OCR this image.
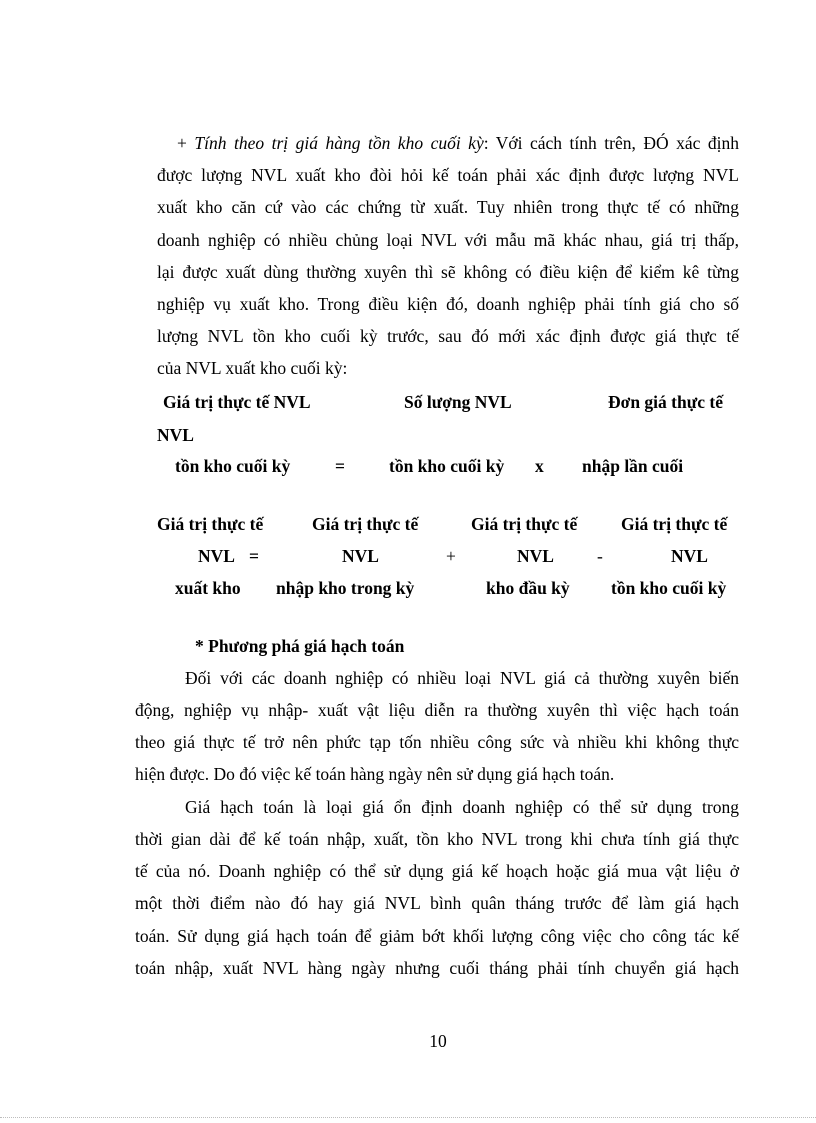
+ Tính theo trị giá hàng tồn kho cuối kỳ: Với cách tính trên, ĐÓ xác định
được lượng NVL xuất kho đòi hỏi kế toán phải xác định được lượng NVL
xuất kho căn cứ vào các chứng từ xuất. Tuy nhiên trong thực tế có những
doanh nghiệp có nhiều chủng loại NVL với mẫu mã khác nhau, giá trị thấp,
lại được xuất dùng thường xuyên thì sẽ không có điều kiện để kiểm kê từng
nghiệp vụ xuất kho. Trong điều kiện đó, doanh nghiệp phải tính giá cho số
lượng NVL tồn kho cuối kỳ trước, sau đó mới xác định được giá thực tế
của NVL xuất kho cuối kỳ:
Giá trị thực tế NVL	Số lượng NVL	Đơn giá thực tế
NVL
tồn kho cuối kỳ	=	tồn kho cuối kỳ x nhập lần cuối
Giá trị thực tế	Giá trị thực tế	Giá trị thực tế	Giá trị thực tế
NVL =	NVL	+	NVL -	NVL
xuất kho nhập kho trong kỳ	kho đầu kỳ tồn kho cuối kỳ
* Phương phá giá hạch toán
Đối với các doanh nghiệp có nhiều loại NVL giá cả thường xuyên biến
động, nghiệp vụ nhập- xuất vật liệu diễn ra thường xuyên thì việc hạch toán
theo giá thực tế trở nên phức tạp tốn nhiều công sức và nhiều khi không thực
hiện được. Do đó việc kế toán hàng ngày nên sử dụng giá hạch toán.
Giá hạch toán là loại giá ổn định doanh nghiệp có thể sử dụng trong
thời gian dài để kế toán nhập, xuất, tồn kho NVL trong khi chưa tính giá thực
tế của nó. Doanh nghiệp có thể sử dụng giá kế hoạch hoặc giá mua vật liệu ở
một thời điểm nào đó hay giá NVL bình quân tháng trước để làm giá hạch
toán. Sử dụng giá hạch toán để giảm bớt khối lượng công việc cho công tác kế
toán nhập, xuất NVL hàng ngày nhưng cuối tháng phải tính chuyển giá hạch
10
